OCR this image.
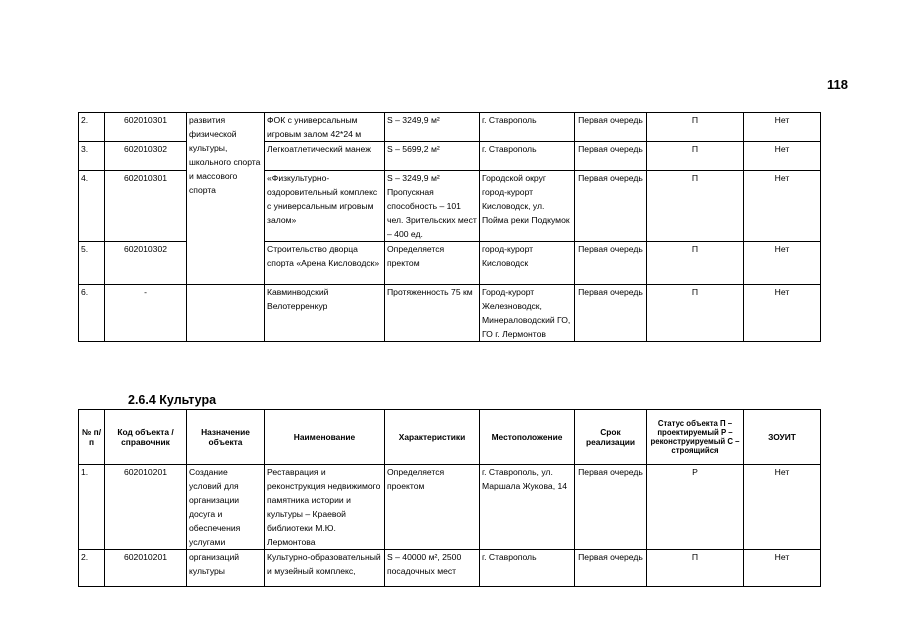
118
2.	602010301	развития физической культуры, школьного спорта и массового спорта	ФОК с универсальным игровым залом 42*24 м	S – 3249,9 м²	г. Ставрополь	Первая очередь	П	Нет
3.	602010302		Легкоатлетический манеж	S – 5699,2 м²	г. Ставрополь	Первая очередь	П	Нет
4.	602010301		«Физкультурно-оздоровительный комплекс с универсальным игровым залом»	S – 3249,9 м² Пропускная способность – 101 чел. Зрительских мест – 400 ед.	Городской округ город-курорт Кисловодск, ул. Пойма реки Подкумок	Первая очередь	П	Нет
5.	602010302		Строительство дворца спорта «Арена Кисловодск»	Определяется пректом	город-курорт Кисловодск	Первая очередь	П	Нет
6.	-		Кавминводский Велотерренкур	Протяженность 75 км	Город-курорт Железноводск, Минераловодский ГО, ГО г. Лермонтов	Первая очередь	П	Нет
2.6.4 Культура
№ п/п	Код объекта / справочник	Назначение объекта	Наименование	Характеристики	Местоположение	Срок реализации	Статус объекта П – проектируемый Р – реконструируемый С – строящийся	ЗОУИТ
1.	602010201	Создание условий для организации досуга и обеспечения услугами	Реставрация и реконструкция недвижимого памятника истории и культуры – Краевой библиотеки М.Ю. Лермонтова	Определяется проектом	г. Ставрополь, ул. Маршала Жукова, 14	Первая очередь	Р	Нет
2.	602010201	организаций культуры	Культурно-образовательный и музейный комплекс,	S – 40000 м², 2500 посадочных мест	г. Ставрополь	Первая очередь	П	Нет
